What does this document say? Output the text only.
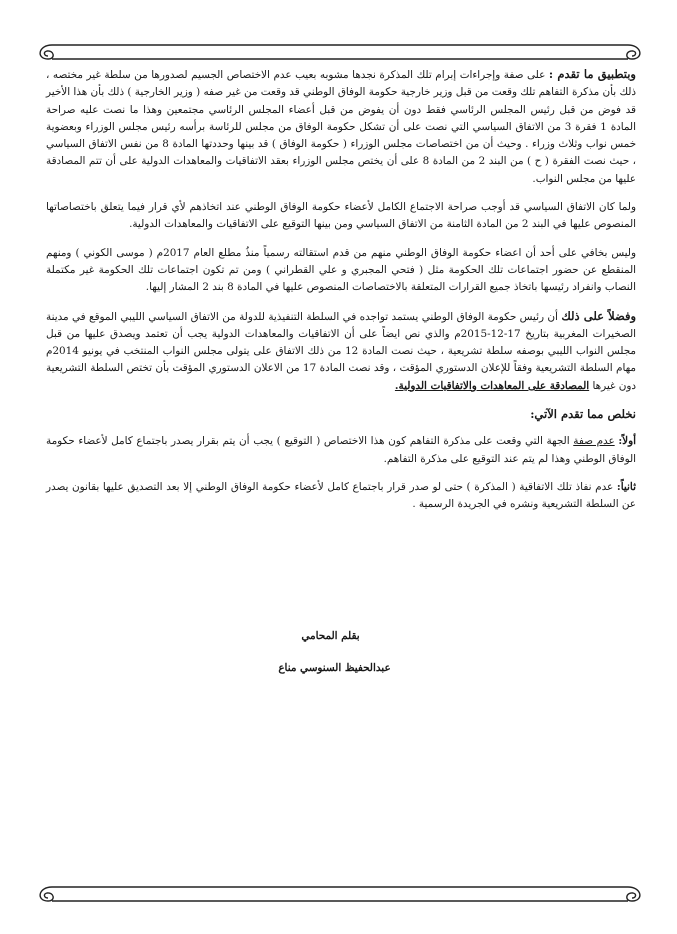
وبتطبيق ما تقدم : على صفة وإجراءات إبرام تلك المذكرة نجدها مشوبه بعيب عدم الاختصاص الجسيم لصدورها من سلطة غير مختصه ، ذلك بأن مذكرة التفاهم تلك وقعت من قبل وزير خارجية حكومة الوفاق الوطني قد وقعت من غير صفه ( وزير الخارجية ) ذلك بأن هذا الأخير قد فوض من قبل رئيس المجلس الرئاسي فقط دون أن يفوض من قبل أعضاء المجلس الرئاسي مجتمعين وهذا ما نصت عليه صراحة المادة 1 فقرة 3 من الاتفاق السياسي التي نصت على أن تشكل حكومة الوفاق من مجلس للرئاسة برأسه رئيس مجلس الوزراء وبعضوية خمس نواب وثلاث وزراء . وحيث أن من اختصاصات مجلس الوزراء ( حكومة الوفاق ) قد بينها وحددتها المادة 8 من نفس الاتفاق السياسي ، حيث نصت الفقرة ( ح ) من البند 2 من المادة 8 على أن يختص مجلس الوزراء بعقد الاتفاقيات والمعاهدات الدولية على أن تتم المصادقة عليها من مجلس النواب.

ولما كان الاتفاق السياسي قد أوجب صراحة الاجتماع الكامل لأعضاء حكومة الوفاق الوطني عند اتخاذهم لأي قرار فيما يتعلق باختصاصاتها المنصوص عليها في البند 2 من المادة الثامنة من الاتفاق السياسي ومن بينها التوقيع على الاتفاقيات والمعاهدات الدولية.

وليس بخافي على أحد أن اعضاء حكومة الوفاق الوطني منهم من قدم استقالته رسمياً منذُ مطلع العام 2017م ( موسى الكوني ) ومنهم المنقطع عن حضور اجتماعات تلك الحكومة مثل ( فتحي المجبري و علي القطراني ) ومن تم تكون اجتماعات تلك الحكومة غير مكتملة النصاب وانفراد رئيسها باتخاذ جميع القرارات المتعلقة بالاختصاصات المنصوص عليها في المادة 8 بند 2 المشار إليها.

وفضلاً على ذلك أن رئيس حكومة الوفاق الوطني يستمد تواجده في السلطة التنفيذية للدولة من الاتفاق السياسي الليبي الموقع في مدينة الصخيرات المغربية بتاريخ 17-12-2015م والذي نص ايضاً على أن الاتفاقيات والمعاهدات الدولية يجب أن تعتمد ويصدق عليها من قبل مجلس النواب الليبي بوصفه سلطة تشريعية ، حيث نصت المادة 12 من ذلك الاتفاق على يتولى مجلس النواب المنتخب في يونيو 2014م مهام السلطة التشريعية وفقاً للإعلان الدستوري المؤقت ، وقد نصت المادة 17 من الاعلان الدستوري المؤقت بأن تختص السلطة التشريعية دون غيرها المصادقة على المعاهدات والاتفاقيات الدولية.

نخلص مما تقدم الآتي:

أولاً: عدم صفة الجهة التي وقعت على مذكرة التفاهم كون هذا الاختصاص ( التوقيع ) يجب أن يتم بقرار يصدر باجتماع كامل لأعضاء حكومة الوفاق الوطني وهذا لم يتم عند التوقيع على مذكرة التفاهم.

ثانياً: عدم نفاذ تلك الاتفاقية ( المذكرة ) حتى لو صدر قرار باجتماع كامل لأعضاء حكومة الوفاق الوطني إلا بعد التصديق عليها بقانون يصدر عن السلطة التشريعية ونشره في الجريدة الرسمية .

بقلم المحامي
عبدالحفيظ السنوسي مناع
